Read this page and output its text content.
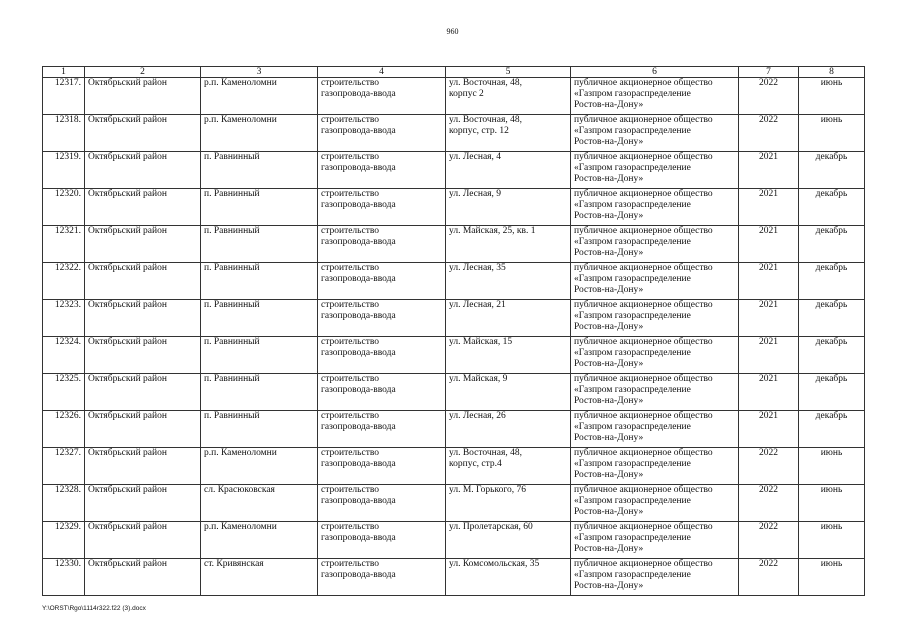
960
1	2	3	4	5	6	7	8
12317.	Октябрьский район	р.п. Каменоломни	строительство
газопровода-ввода	ул. Восточная, 48,
корпус 2	публичное акционерное общество
«Газпром газораспределение
Ростов-на-Дону»	2022	июнь
12318.	Октябрьский район	р.п. Каменоломни	строительство
газопровода-ввода	ул. Восточная, 48,
корпус, стр. 12	публичное акционерное общество
«Газпром газораспределение
Ростов-на-Дону»	2022	июнь
12319.	Октябрьский район	п. Равнинный	строительство
газопровода-ввода	ул. Лесная, 4	публичное акционерное общество
«Газпром газораспределение
Ростов-на-Дону»	2021	декабрь
12320.	Октябрьский район	п. Равнинный	строительство
газопровода-ввода	ул. Лесная, 9	публичное акционерное общество
«Газпром газораспределение
Ростов-на-Дону»	2021	декабрь
12321.	Октябрьский район	п. Равнинный	строительство
газопровода-ввода	ул. Майская, 25, кв. 1	публичное акционерное общество
«Газпром газораспределение
Ростов-на-Дону»	2021	декабрь
12322.	Октябрьский район	п. Равнинный	строительство
газопровода-ввода	ул. Лесная, 35	публичное акционерное общество
«Газпром газораспределение
Ростов-на-Дону»	2021	декабрь
12323.	Октябрьский район	п. Равнинный	строительство
газопровода-ввода	ул. Лесная, 21	публичное акционерное общество
«Газпром газораспределение
Ростов-на-Дону»	2021	декабрь
12324.	Октябрьский район	п. Равнинный	строительство
газопровода-ввода	ул. Майская, 15	публичное акционерное общество
«Газпром газораспределение
Ростов-на-Дону»	2021	декабрь
12325.	Октябрьский район	п. Равнинный	строительство
газопровода-ввода	ул. Майская, 9	публичное акционерное общество
«Газпром газораспределение
Ростов-на-Дону»	2021	декабрь
12326.	Октябрьский район	п. Равнинный	строительство
газопровода-ввода	ул. Лесная, 26	публичное акционерное общество
«Газпром газораспределение
Ростов-на-Дону»	2021	декабрь
12327.	Октябрьский район	р.п. Каменоломни	строительство
газопровода-ввода	ул. Восточная, 48,
корпус, стр.4	публичное акционерное общество
«Газпром газораспределение
Ростов-на-Дону»	2022	июнь
12328.	Октябрьский район	сл. Красюковская	строительство
газопровода-ввода	ул. М. Горького, 76	публичное акционерное общество
«Газпром газораспределение
Ростов-на-Дону»	2022	июнь
12329.	Октябрьский район	р.п. Каменоломни	строительство
газопровода-ввода	ул. Пролетарская, 60	публичное акционерное общество
«Газпром газораспределение
Ростов-на-Дону»	2022	июнь
12330.	Октябрьский район	ст. Кривянская	строительство
газопровода-ввода	ул. Комсомольская, 35	публичное акционерное общество
«Газпром газораспределение
Ростов-на-Дону»	2022	июнь
Y:\ORST\Rgo\1114r322.f22 (3).docx
